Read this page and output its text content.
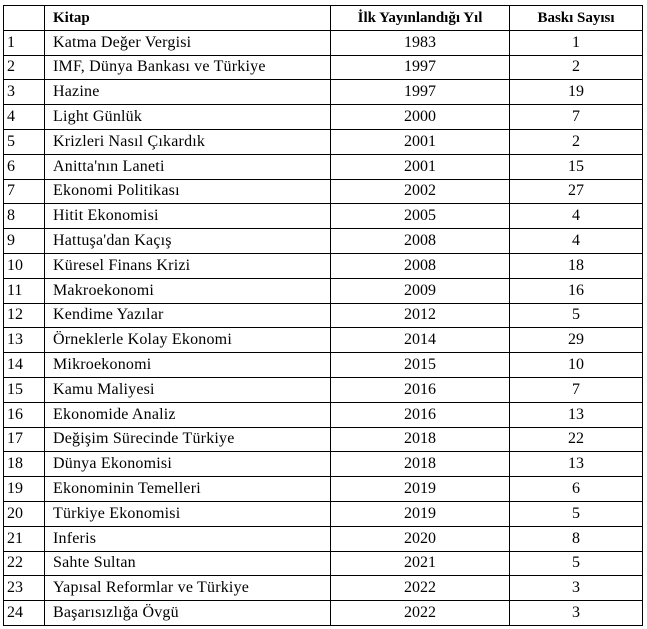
	Kitap	İlk Yayınlandığı Yıl	Baskı Sayısı
1	Katma Değer Vergisi	1983	1
2	IMF, Dünya Bankası ve Türkiye	1997	2
3	Hazine	1997	19
4	Light Günlük	2000	7
5	Krizleri Nasıl Çıkardık	2001	2
6	Anitta'nın Laneti	2001	15
7	Ekonomi Politikası	2002	27
8	Hitit Ekonomisi	2005	4
9	Hattuşa'dan Kaçış	2008	4
10	Küresel Finans Krizi	2008	18
11	Makroekonomi	2009	16
12	Kendime Yazılar	2012	5
13	Örneklerle Kolay Ekonomi	2014	29
14	Mikroekonomi	2015	10
15	Kamu Maliyesi	2016	7
16	Ekonomide Analiz	2016	13
17	Değişim Sürecinde Türkiye	2018	22
18	Dünya Ekonomisi	2018	13
19	Ekonominin Temelleri	2019	6
20	Türkiye Ekonomisi	2019	5
21	Inferis	2020	8
22	Sahte Sultan	2021	5
23	Yapısal Reformlar ve Türkiye	2022	3
24	Başarısızlığa Övgü	2022	3
